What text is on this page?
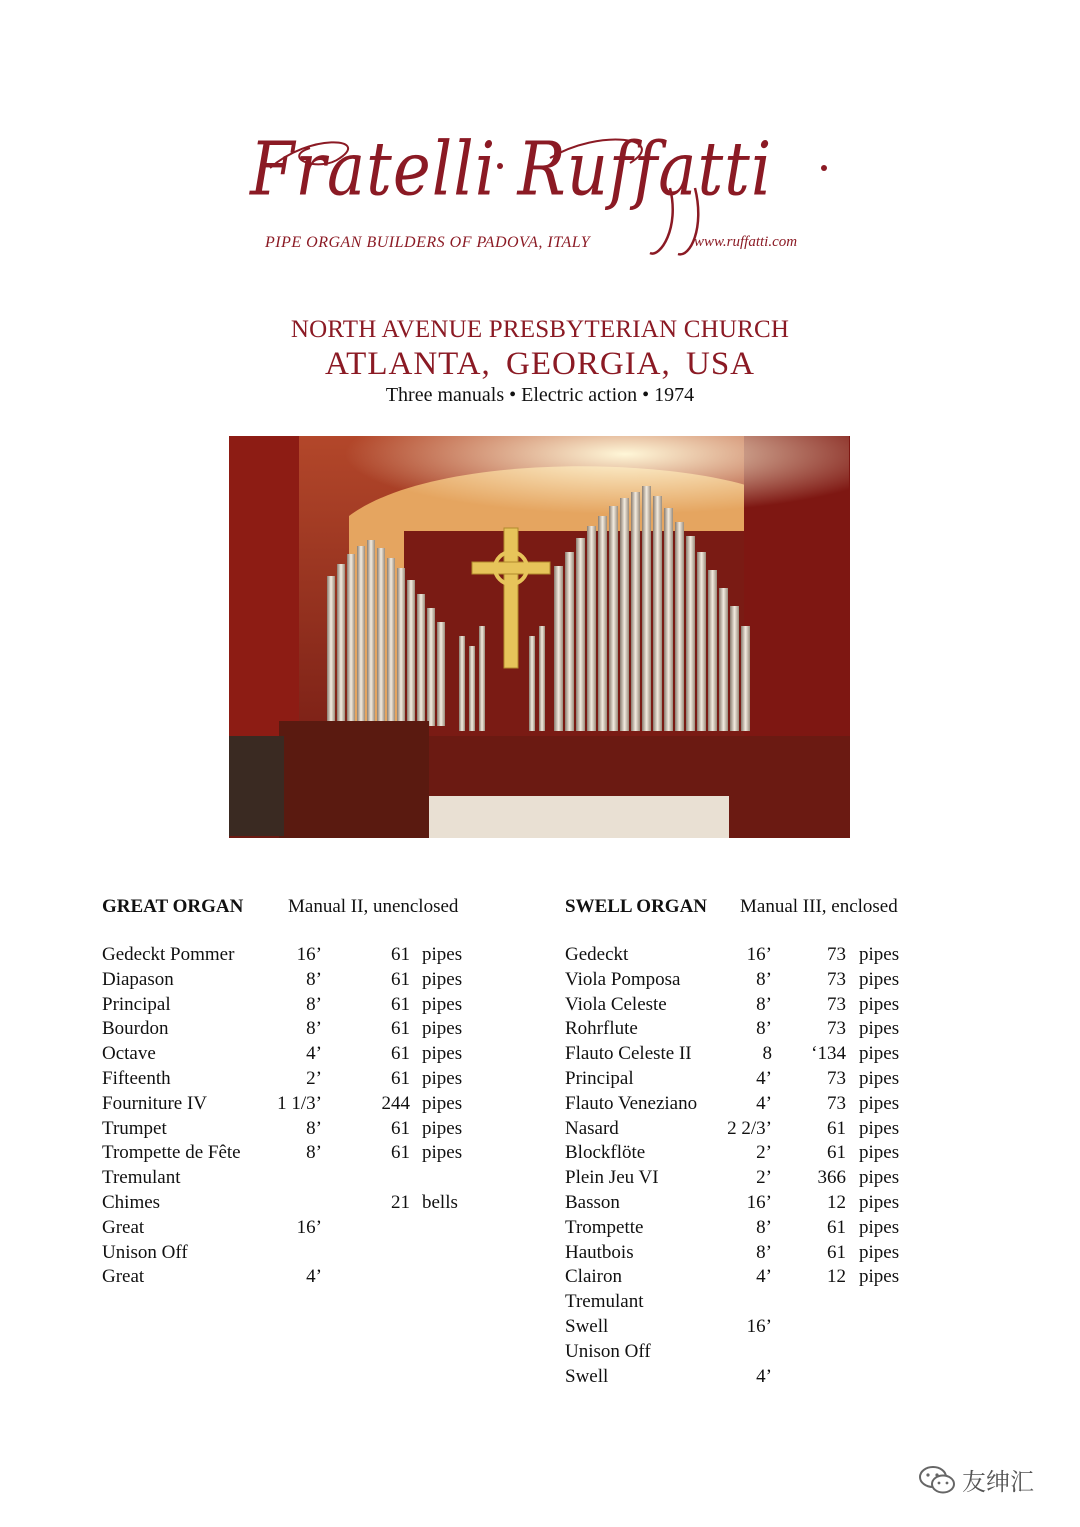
Fratelli Ruffatti
PIPE ORGAN BUILDERS OF PADOVA, ITALY	www.ruffatti.com
NORTH AVENUE PRESBYTERIAN CHURCH
ATLANTA, GEORGIA, USA
Three manuals • Electric action • 1974
GREAT ORGAN Manual II, unenclosed
Gedeckt Pommer	16’	61 pipes
Diapason	8’	61 pipes
Principal	8’	61 pipes
Bourdon	8’	61 pipes
Octave	4’	61 pipes
Fifteenth	2’	61 pipes
Fourniture IV	1 1/3’	244 pipes
Trumpet	8’	61 pipes
Trompette de Fête	8’	61 pipes
Tremulant
Chimes	21 bells
Great	16’
Unison Off
Great	4’
SWELL ORGAN Manual III, enclosed
Gedeckt	16’	73 pipes
Viola Pomposa	8’	73 pipes
Viola Celeste	8’	73 pipes
Rohrflute	8’	73 pipes
Flauto Celeste II	8 ‘134 pipes
Principal	4’	73 pipes
Flauto Veneziano	4’	73 pipes
Nasard	2 2/3’	61 pipes
Blockflöte	2’	61 pipes
Plein Jeu VI	2’ 366 pipes
Basson	16’	12 pipes
Trompette	8’	61 pipes
Hautbois	8’	61 pipes
Clairon	4’	12 pipes
Tremulant
Swell	16’
Unison Off
Swell	4’
友绅汇
